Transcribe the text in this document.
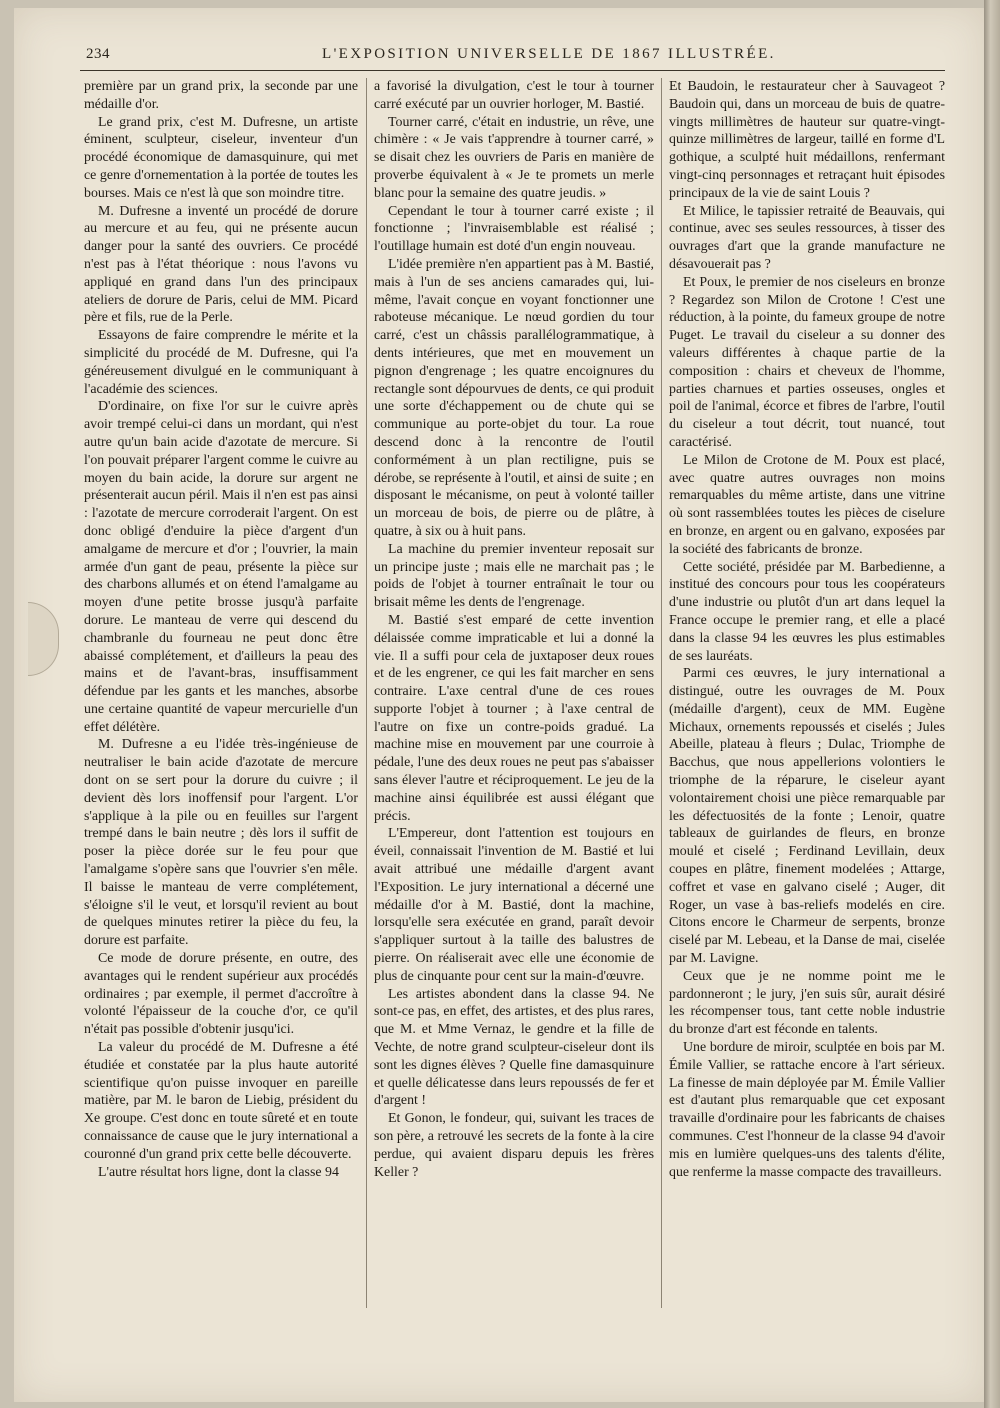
234	L'EXPOSITION UNIVERSELLE DE 1867 ILLUSTRÉE.

première par un grand prix, la seconde par une médaille d'or.

Le grand prix, c'est M. Dufresne, un artiste éminent, sculpteur, ciseleur, inventeur d'un procédé économique de damasquinure, qui met ce genre d'ornementation à la portée de toutes les bourses. Mais ce n'est là que son moindre titre.

M. Dufresne a inventé un procédé de dorure au mercure et au feu, qui ne présente aucun danger pour la santé des ouvriers. Ce procédé n'est pas à l'état théorique : nous l'avons vu appliqué en grand dans l'un des principaux ateliers de dorure de Paris, celui de MM. Picard père et fils, rue de la Perle.

Essayons de faire comprendre le mérite et la simplicité du procédé de M. Dufresne, qui l'a généreusement divulgué en le communiquant à l'académie des sciences.

D'ordinaire, on fixe l'or sur le cuivre après avoir trempé celui-ci dans un mordant, qui n'est autre qu'un bain acide d'azotate de mercure. Si l'on pouvait préparer l'argent comme le cuivre au moyen du bain acide, la dorure sur argent ne présenterait aucun péril. Mais il n'en est pas ainsi : l'azotate de mercure corroderait l'argent. On est donc obligé d'enduire la pièce d'argent d'un amalgame de mercure et d'or ; l'ouvrier, la main armée d'un gant de peau, présente la pièce sur des charbons allumés et on étend l'amalgame au moyen d'une petite brosse jusqu'à parfaite dorure. Le manteau de verre qui descend du chambranle du fourneau ne peut donc être abaissé complétement, et d'ailleurs la peau des mains et de l'avant-bras, insuffisamment défendue par les gants et les manches, absorbe une certaine quantité de vapeur mercurielle d'un effet délétère.

M. Dufresne a eu l'idée très-ingénieuse de neutraliser le bain acide d'azotate de mercure dont on se sert pour la dorure du cuivre ; il devient dès lors inoffensif pour l'argent. L'or s'applique à la pile ou en feuilles sur l'argent trempé dans le bain neutre ; dès lors il suffit de poser la pièce dorée sur le feu pour que l'amalgame s'opère sans que l'ouvrier s'en mêle. Il baisse le manteau de verre complétement, s'éloigne s'il le veut, et lorsqu'il revient au bout de quelques minutes retirer la pièce du feu, la dorure est parfaite.

Ce mode de dorure présente, en outre, des avantages qui le rendent supérieur aux procédés ordinaires ; par exemple, il permet d'accroître à volonté l'épaisseur de la couche d'or, ce qu'il n'était pas possible d'obtenir jusqu'ici.

La valeur du procédé de M. Dufresne a été étudiée et constatée par la plus haute autorité scientifique qu'on puisse invoquer en pareille matière, par M. le baron de Liebig, président du Xe groupe. C'est donc en toute sûreté et en toute connaissance de cause que le jury international a couronné d'un grand prix cette belle découverte.

L'autre résultat hors ligne, dont la classe 94

a favorisé la divulgation, c'est le tour à tourner carré exécuté par un ouvrier horloger, M. Bastié.

Tourner carré, c'était en industrie, un rêve, une chimère : « Je vais t'apprendre à tourner carré, » se disait chez les ouvriers de Paris en manière de proverbe équivalent à « Je te promets un merle blanc pour la semaine des quatre jeudis. »

Cependant le tour à tourner carré existe ; il fonctionne ; l'invraisemblable est réalisé ; l'outillage humain est doté d'un engin nouveau.

L'idée première n'en appartient pas à M. Bastié, mais à l'un de ses anciens camarades qui, lui-même, l'avait conçue en voyant fonctionner une raboteuse mécanique. Le nœud gordien du tour carré, c'est un châssis parallélogrammatique, à dents intérieures, que met en mouvement un pignon d'engrenage ; les quatre encoignures du rectangle sont dépourvues de dents, ce qui produit une sorte d'échappement ou de chute qui se communique au porte-objet du tour. La roue descend donc à la rencontre de l'outil conformément à un plan rectiligne, puis se dérobe, se représente à l'outil, et ainsi de suite ; en disposant le mécanisme, on peut à volonté tailler un morceau de bois, de pierre ou de plâtre, à quatre, à six ou à huit pans.

La machine du premier inventeur reposait sur un principe juste ; mais elle ne marchait pas ; le poids de l'objet à tourner entraînait le tour ou brisait même les dents de l'engrenage.

M. Bastié s'est emparé de cette invention délaissée comme impraticable et lui a donné la vie. Il a suffi pour cela de juxtaposer deux roues et de les engrener, ce qui les fait marcher en sens contraire. L'axe central d'une de ces roues supporte l'objet à tourner ; à l'axe central de l'autre on fixe un contre-poids gradué. La machine mise en mouvement par une courroie à pédale, l'une des deux roues ne peut pas s'abaisser sans élever l'autre et réciproquement. Le jeu de la machine ainsi équilibrée est aussi élégant que précis.

L'Empereur, dont l'attention est toujours en éveil, connaissait l'invention de M. Bastié et lui avait attribué une médaille d'argent avant l'Exposition. Le jury international a décerné une médaille d'or à M. Bastié, dont la machine, lorsqu'elle sera exécutée en grand, paraît devoir s'appliquer surtout à la taille des balustres de pierre. On réaliserait avec elle une économie de plus de cinquante pour cent sur la main-d'œuvre.

Les artistes abondent dans la classe 94. Ne sont-ce pas, en effet, des artistes, et des plus rares, que M. et Mme Vernaz, le gendre et la fille de Vechte, de notre grand sculpteur-ciseleur dont ils sont les dignes élèves ? Quelle fine damasquinure et quelle délicatesse dans leurs repoussés de fer et d'argent !

Et Gonon, le fondeur, qui, suivant les traces de son père, a retrouvé les secrets de la fonte à la cire perdue, qui avaient disparu depuis les frères Keller ?

Et Baudoin, le restaurateur cher à Sauvageot ? Baudoin qui, dans un morceau de buis de quatre-vingts millimètres de hauteur sur quatre-vingt-quinze millimètres de largeur, taillé en forme d'L gothique, a sculpté huit médaillons, renfermant vingt-cinq personnages et retraçant huit épisodes principaux de la vie de saint Louis ?

Et Milice, le tapissier retraité de Beauvais, qui continue, avec ses seules ressources, à tisser des ouvrages d'art que la grande manufacture ne désavouerait pas ?

Et Poux, le premier de nos ciseleurs en bronze ? Regardez son Milon de Crotone ! C'est une réduction, à la pointe, du fameux groupe de notre Puget. Le travail du ciseleur a su donner des valeurs différentes à chaque partie de la composition : chairs et cheveux de l'homme, parties charnues et parties osseuses, ongles et poil de l'animal, écorce et fibres de l'arbre, l'outil du ciseleur a tout décrit, tout nuancé, tout caractérisé.

Le Milon de Crotone de M. Poux est placé, avec quatre autres ouvrages non moins remarquables du même artiste, dans une vitrine où sont rassemblées toutes les pièces de ciselure en bronze, en argent ou en galvano, exposées par la société des fabricants de bronze.

Cette société, présidée par M. Barbedienne, a institué des concours pour tous les coopérateurs d'une industrie ou plutôt d'un art dans lequel la France occupe le premier rang, et elle a placé dans la classe 94 les œuvres les plus estimables de ses lauréats.

Parmi ces œuvres, le jury international a distingué, outre les ouvrages de M. Poux (médaille d'argent), ceux de MM. Eugène Michaux, ornements repoussés et ciselés ; Jules Abeille, plateau à fleurs ; Dulac, Triomphe de Bacchus, que nous appellerions volontiers le triomphe de la réparure, le ciseleur ayant volontairement choisi une pièce remarquable par les défectuosités de la fonte ; Lenoir, quatre tableaux de guirlandes de fleurs, en bronze moulé et ciselé ; Ferdinand Levillain, deux coupes en plâtre, finement modelées ; Attarge, coffret et vase en galvano ciselé ; Auger, dit Roger, un vase à bas-reliefs modelés en cire. Citons encore le Charmeur de serpents, bronze ciselé par M. Lebeau, et la Danse de mai, ciselée par M. Lavigne.

Ceux que je ne nomme point me le pardonneront ; le jury, j'en suis sûr, aurait désiré les récompenser tous, tant cette noble industrie du bronze d'art est féconde en talents.

Une bordure de miroir, sculptée en bois par M. Émile Vallier, se rattache encore à l'art sérieux. La finesse de main déployée par M. Émile Vallier est d'autant plus remarquable que cet exposant travaille d'ordinaire pour les fabricants de chaises communes. C'est l'honneur de la classe 94 d'avoir mis en lumière quelques-uns des talents d'élite, que renferme la masse compacte des travailleurs.
